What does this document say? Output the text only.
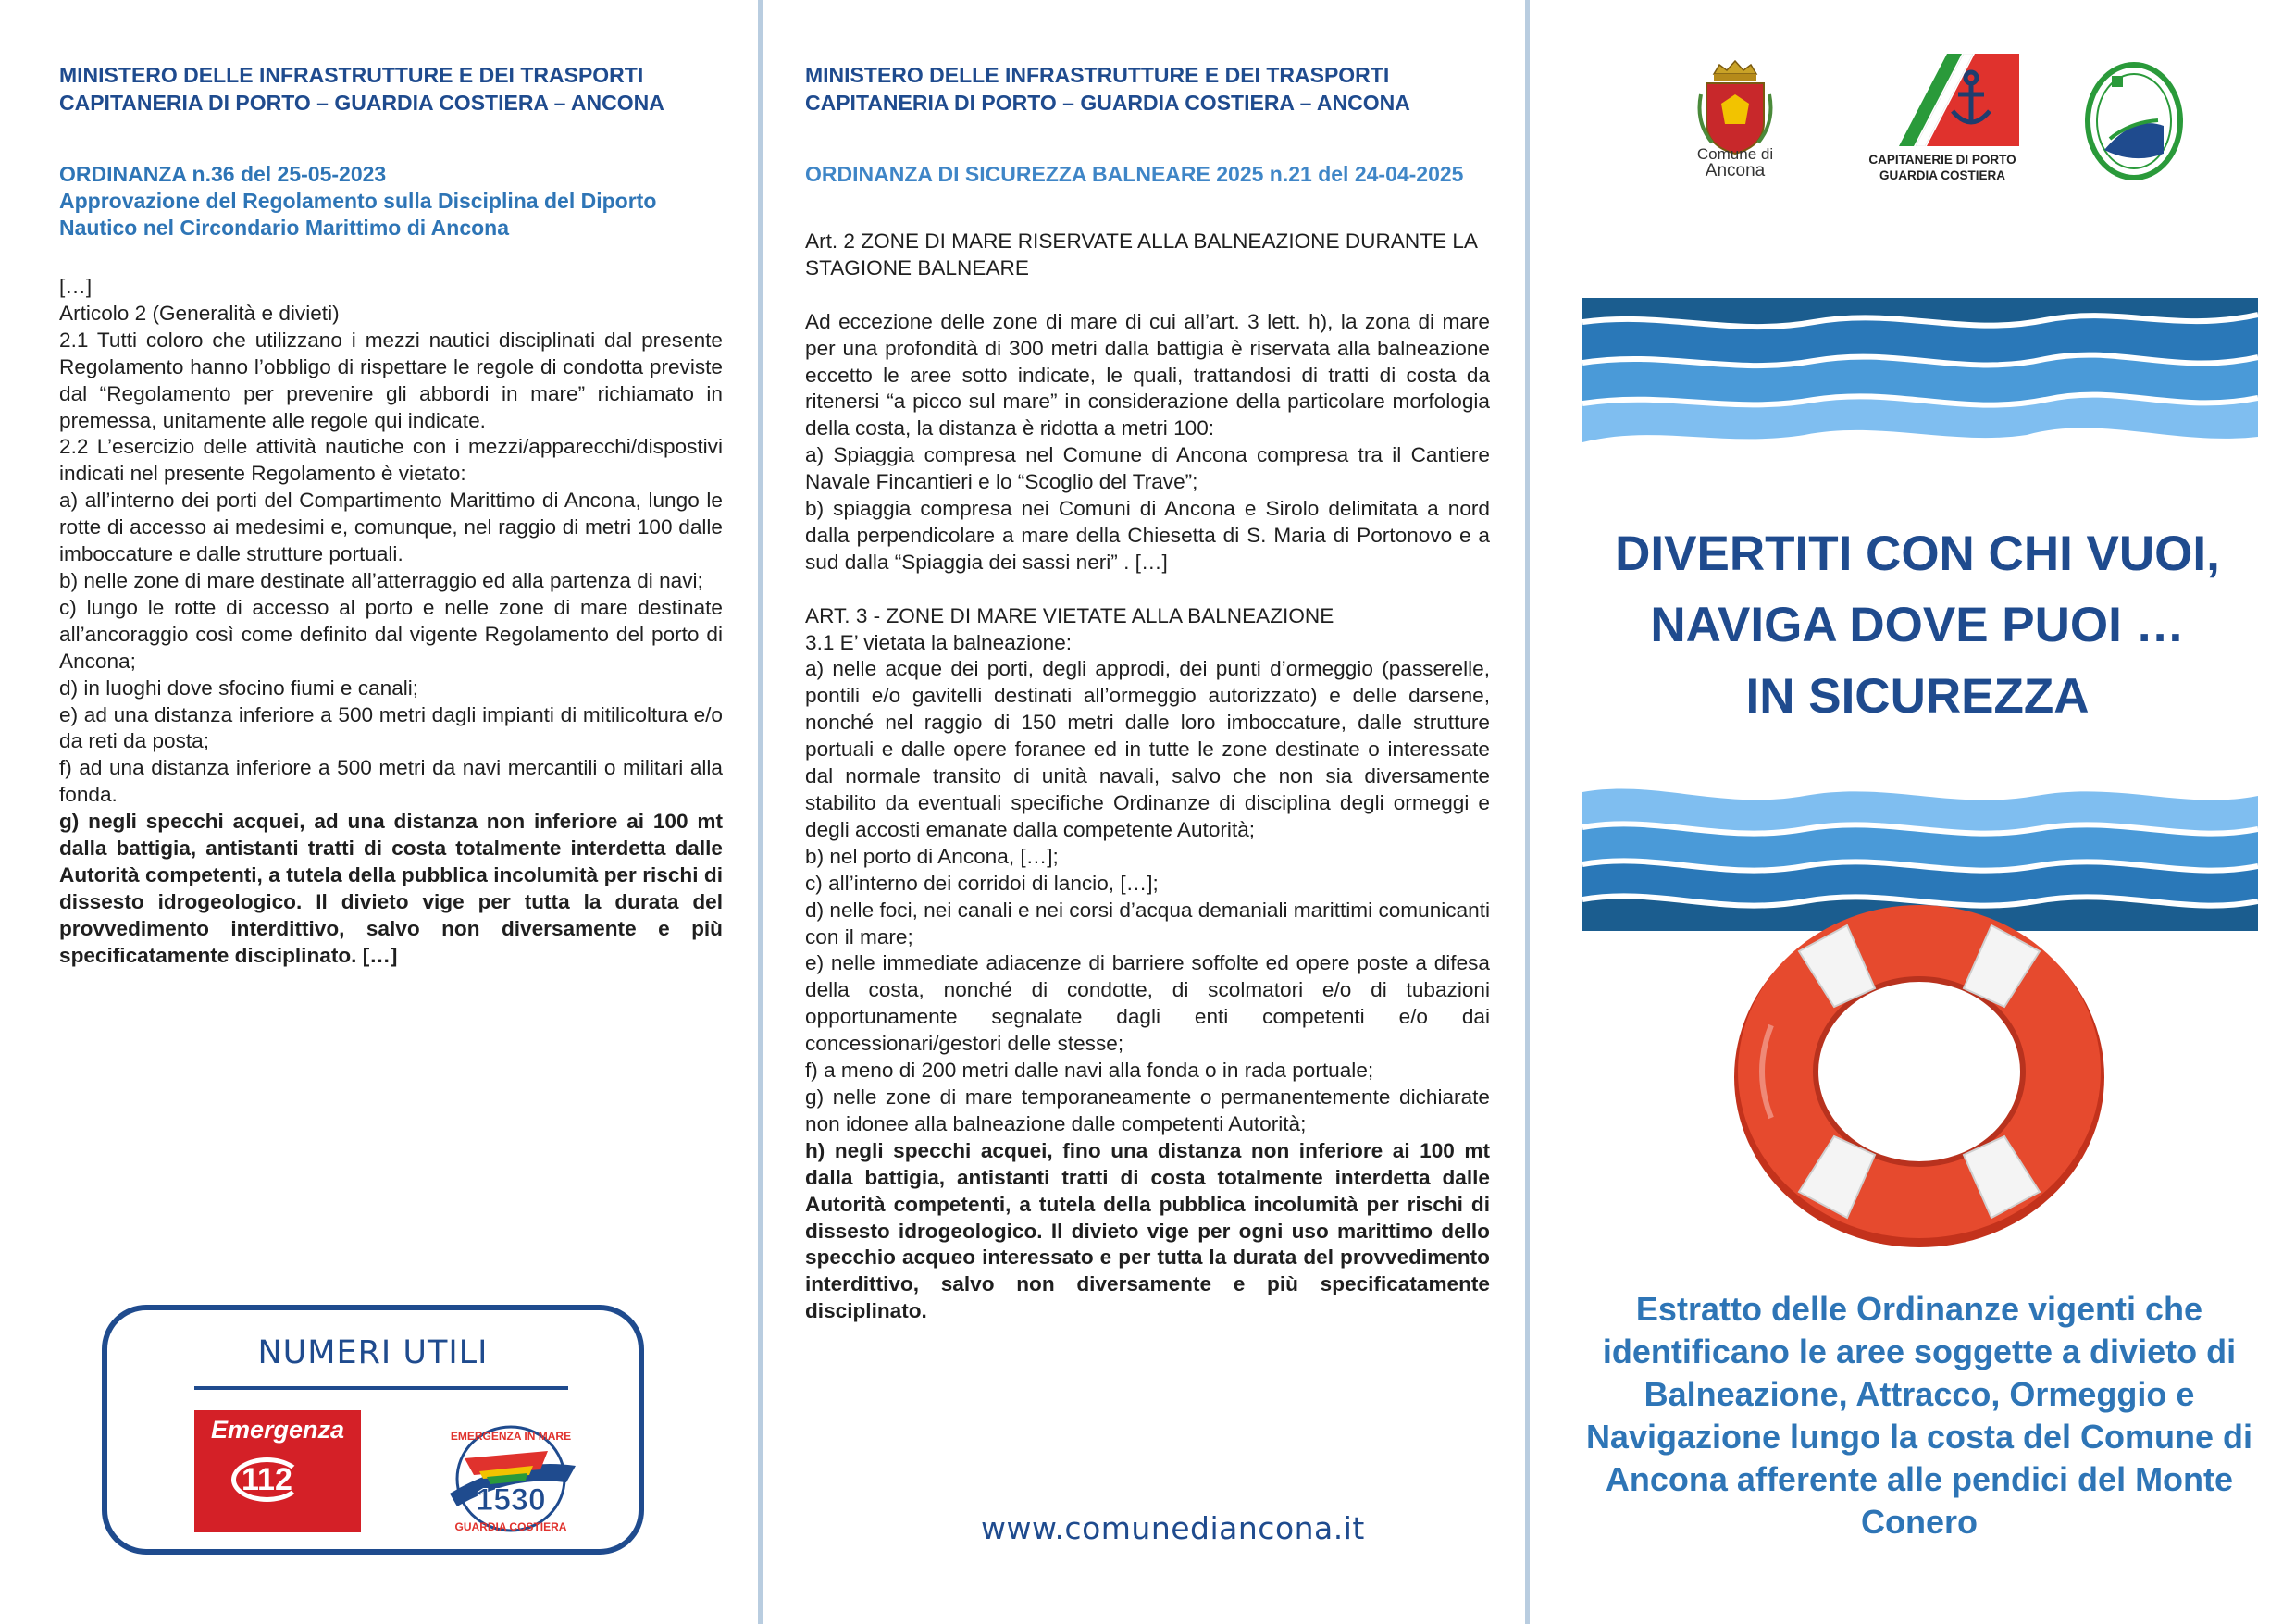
MINISTERO DELLE INFRASTRUTTURE E DEI TRASPORTI

CAPITANERIA DI PORTO – GUARDIA COSTIERA – ANCONA

ORDINANZA n.36 del 25-05-2023

Approvazione del Regolamento sulla Disciplina del Diporto

Nautico nel Circondario Marittimo di Ancona

[…]

Articolo 2 (Generalità e divieti)

2.1 Tutti coloro che utilizzano i mezzi nautici disciplinati dal presente Regolamento hanno l’obbligo di rispettare le regole di condotta previste dal “Regolamento per prevenire gli abbordi in mare” richiamato in premessa, unitamente alle regole qui indicate.

2.2 L’esercizio delle attività nautiche con i mezzi/apparecchi/dispostivi indicati nel presente Regolamento è vietato:

a) all’interno dei porti del Compartimento Marittimo di Ancona, lungo le rotte di accesso ai medesimi e, comunque, nel raggio di metri 100 dalle imboccature e dalle strutture portuali.

b) nelle zone di mare destinate all’atterraggio ed alla partenza di navi;

c) lungo le rotte di accesso al porto e nelle zone di mare destinate all’ancoraggio così come definito dal vigente Regolamento del porto di Ancona;

d) in luoghi dove sfocino fiumi e canali;

e) ad una distanza inferiore a 500 metri dagli impianti di mitilicoltura e/o da reti da posta;

f) ad una distanza inferiore a 500 metri da navi mercantili o militari alla fonda.

g) negli specchi acquei, ad una distanza non inferiore ai 100 mt dalla battigia, antistanti tratti di costa totalmente interdetta dalle Autorità competenti, a tutela della pubblica incolumità per rischi di dissesto idrogeologico. Il divieto vige per tutta la durata del provvedimento interdittivo, salvo non diversamente e più specificatamente disciplinato. […]

NUMERI UTILI
Emergenza
112
EMERGENZA IN MARE
1530
GUARDIA COSTIERA

MINISTERO DELLE INFRASTRUTTURE E DEI TRASPORTI

CAPITANERIA DI PORTO – GUARDIA COSTIERA – ANCONA

ORDINANZA DI SICUREZZA BALNEARE 2025 n.21 del 24-04-2025

Art. 2 ZONE DI MARE RISERVATE ALLA BALNEAZIONE DURANTE LA STAGIONE BALNEARE

Ad eccezione delle zone di mare di cui all’art. 3 lett. h), la zona di mare per una profondità di 300 metri dalla battigia è riservata alla balneazione eccetto le aree sotto indicate, le quali, trattandosi di tratti di costa da ritenersi “a picco sul mare” in considerazione della particolare morfologia della costa, la distanza è ridotta a metri 100:

a) Spiaggia compresa nel Comune di Ancona compresa tra il Cantiere Navale Fincantieri e lo “Scoglio del Trave”;

b) spiaggia compresa nei Comuni di Ancona e Sirolo delimitata a nord dalla perpendicolare a mare della Chiesetta di S. Maria di Portonovo e a sud dalla “Spiaggia dei sassi neri” . […]

ART. 3 - ZONE DI MARE VIETATE ALLA BALNEAZIONE

3.1 E’ vietata la balneazione:

a) nelle acque dei porti, degli approdi, dei punti d’ormeggio (passerelle, pontili e/o gavitelli destinati all’ormeggio autorizzato) e delle darsene, nonché nel raggio di 150 metri dalle loro imboccature, dalle strutture portuali e dalle opere foranee ed in tutte le zone destinate o interessate dal normale transito di unità navali, salvo che non sia diversamente stabilito da eventuali specifiche Ordinanze di disciplina degli ormeggi e degli accosti emanate dalla competente Autorità;

b) nel porto di Ancona, […];

c) all’interno dei corridoi di lancio, […];

d) nelle foci, nei canali e nei corsi d’acqua demaniali marittimi comunicanti con il mare;

e) nelle immediate adiacenze di barriere soffolte ed opere poste a difesa della costa, nonché di condotte, di scolmatori e/o di tubazioni opportunamente segnalate dagli enti competenti e/o dai concessionari/gestori delle stesse;

f) a meno di 200 metri dalle navi alla fonda o in rada portuale;

g) nelle zone di mare temporaneamente o permanentemente dichiarate non idonee alla balneazione dalle competenti Autorità;

h) negli specchi acquei, fino una distanza non inferiore ai 100 mt dalla battigia, antistanti tratti di costa totalmente interdetta dalle Autorità competenti, a tutela della pubblica incolumità per rischi di dissesto idrogeologico. Il divieto vige per ogni uso marittimo dello specchio acqueo interessato e per tutta la durata del provvedimento interdittivo, salvo non diversamente e più specificatamente disciplinato.

www.comunediancona.it
Comune di
Ancona
CAPITANERIE DI PORTO
GUARDIA COSTIERA
DIVERTITI CON CHI VUOI,
NAVIGA DOVE PUOI …
IN SICUREZZA
Estratto delle Ordinanze vigenti che identificano le aree soggette a divieto di Balneazione, Attracco, Ormeggio e Navigazione lungo la costa del Comune di Ancona afferente alle pendici del Monte Conero
